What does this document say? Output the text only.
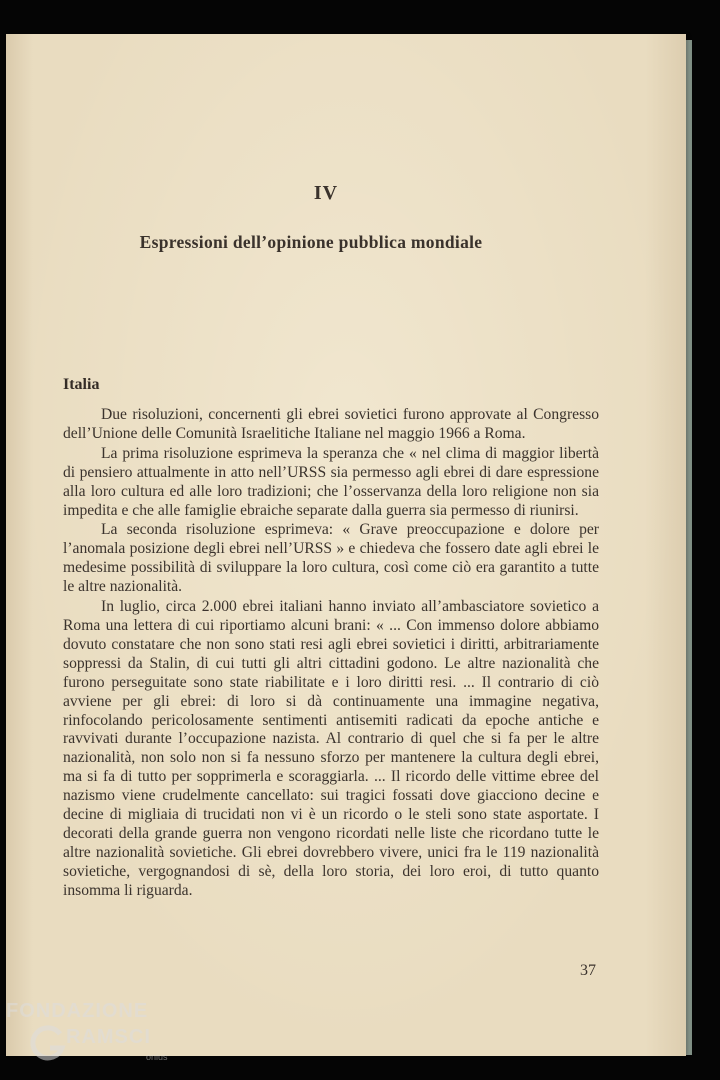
IV
Espressioni dell’opinione pubblica mondiale
Italia

Due risoluzioni, concernenti gli ebrei sovietici furono approvate al Congresso dell’Unione delle Comunità Israelitiche Italiane nel maggio 1966 a Roma.

La prima risoluzione esprimeva la speranza che « nel clima di maggior libertà di pensiero attualmente in atto nell’URSS sia permesso agli ebrei di dare espressione alla loro cultura ed alle loro tradizioni; che l’osservanza della loro religione non sia impedita e che alle famiglie ebraiche separate dalla guerra sia permesso di riunirsi.

La seconda risoluzione esprimeva: « Grave preoccupazione e dolore per l’anomala posizione degli ebrei nell’URSS » e chiedeva che fossero date agli ebrei le medesime possibilità di sviluppare la loro cultura, così come ciò era garantito a tutte le altre nazionalità.

In luglio, circa 2.000 ebrei italiani hanno inviato all’ambasciatore sovietico a Roma una lettera di cui riportiamo alcuni brani: « ... Con immenso dolore abbiamo dovuto constatare che non sono stati resi agli ebrei sovietici i diritti, arbitrariamente soppressi da Stalin, di cui tutti gli altri cittadini godono. Le altre nazionalità che furono perseguitate sono state riabilitate e i loro diritti resi. ... Il contrario di ciò avviene per gli ebrei: di loro si dà continuamente una immagine negativa, rinfocolando pericolosamente sentimenti antisemiti radicati da epoche antiche e ravvivati durante l’occupazione nazista. Al contrario di quel che si fa per le altre nazionalità, non solo non si fa nessuno sforzo per mantenere la cultura degli ebrei, ma si fa di tutto per sopprimerla e scoraggiarla. ... Il ricordo delle vittime ebree del nazismo viene crudelmente cancellato: sui tragici fossati dove giacciono decine e decine di migliaia di trucidati non vi è un ricordo o le steli sono state asportate. I decorati della grande guerra non vengono ricordati nelle liste che ricordano tutte le altre nazionalità sovietiche. Gli ebrei dovrebbero vivere, unici fra le 119 nazionalità sovietiche, vergognandosi di sè, della loro storia, dei loro eroi, di tutto quanto insomma li riguarda.

37
FONDAZIONE
RAMSCI
onlus
